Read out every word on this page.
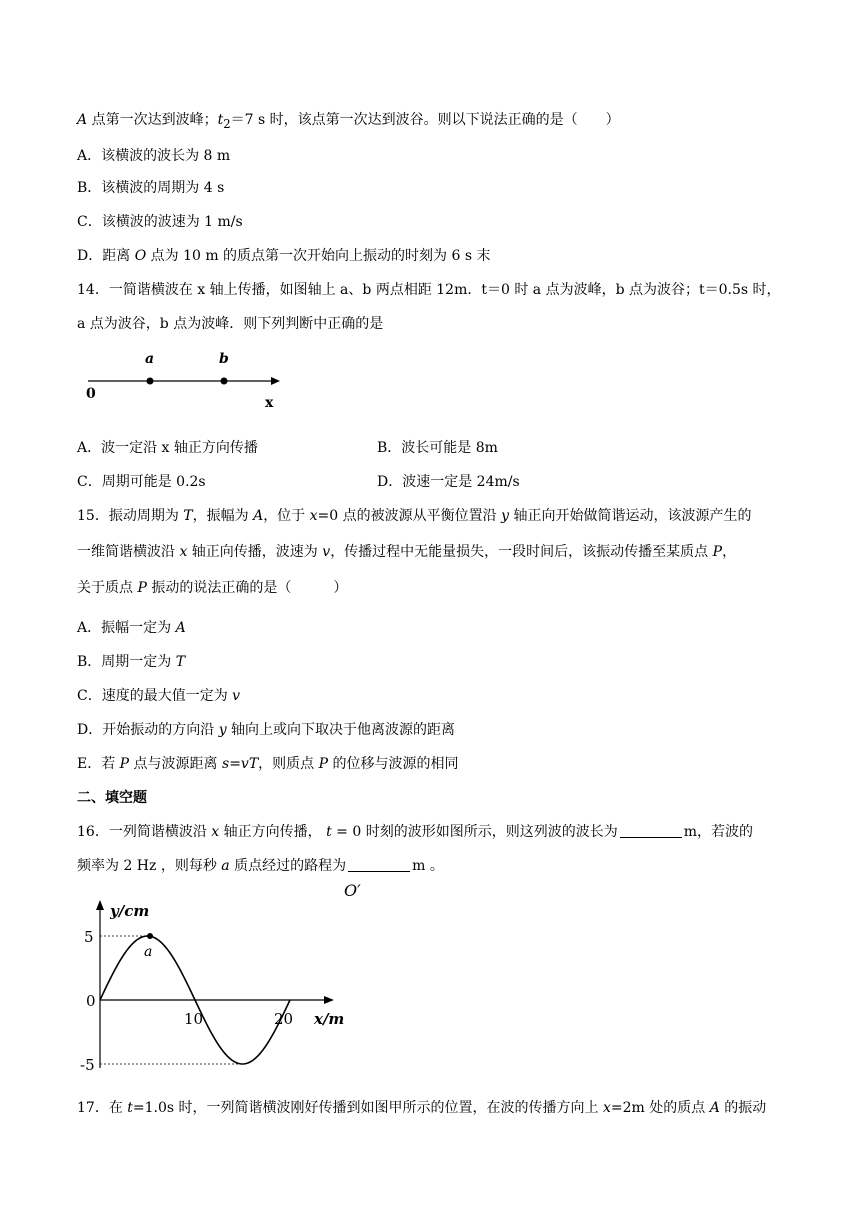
A 点第一次达到波峰；$t_2=7$ s 时，该点第一次达到波谷。则以下说法正确的是（　　）
A．该横波的波长为 8 m
B．该横波的周期为 4 s
C．该横波的波速为 1 m/s
D．距离 O 点为 10 m 的质点第一次开始向上振动的时刻为 6 s 末
14．一简谐横波在 x 轴上传播，如图轴上 a、b 两点相距 12m．t＝0 时 a 点为波峰，b 点为波谷；t＝0.5s 时，
a 点为波谷，b 点为波峰．则下列判断中正确的是
a	b
0
x
A．波一定沿 x 轴正方向传播	B．波长可能是 8m
C．周期可能是 0.2s	D．波速一定是 24m/s
15．振动周期为 T，振幅为 A，位于 x=0 点的被波源从平衡位置沿 y 轴正向开始做简谐运动，该波源产生的
一维简谐横波沿 x 轴正向传播，波速为 v，传播过程中无能量损失，一段时间后，该振动传播至某质点 P，
关于质点 P 振动的说法正确的是（　　　）
A．振幅一定为 A
B．周期一定为 T
C．速度的最大值一定为 v
D．开始振动的方向沿 y 轴向上或向下取决于他离波源的距离
E．若 P 点与波源距离 s=vT，则质点 P 的位移与波源的相同
二、填空题
16．一列简谐横波沿 x 轴正方向传播， t = 0 时刻的波形如图所示，则这列波的波长为	m，若波的
频率为 2 Hz ，则每秒 a 质点经过的路程为	m 。
O′
y/cm
x/m
5
0
-5
10	20
a
17．在 t=1.0s 时，一列简谐横波刚好传播到如图甲所示的位置，在波的传播方向上 x=2m 处的质点 A 的振动
